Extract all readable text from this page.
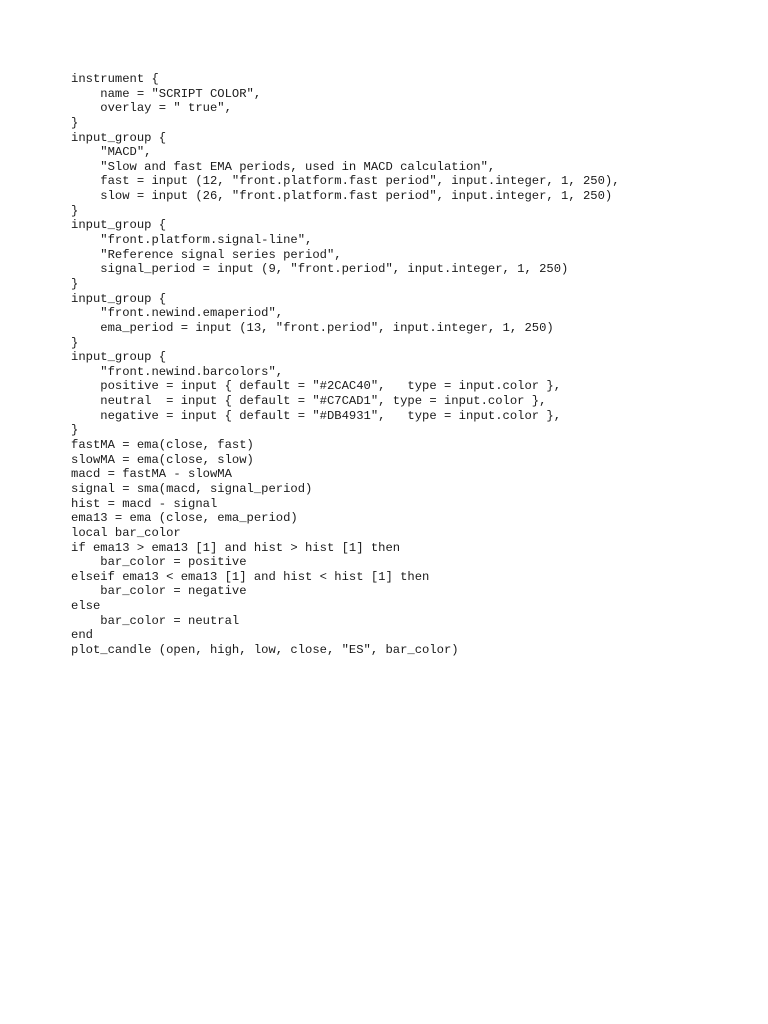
instrument {
name = "SCRIPT COLOR",
overlay = " true",
}
input_group {
"MACD",
"Slow and fast EMA periods, used in MACD calculation",
fast = input (12, "front.platform.fast period", input.integer, 1, 250),
slow = input (26, "front.platform.fast period", input.integer, 1, 250)
}
input_group {
"front.platform.signal-line",
"Reference signal series period",
signal_period = input (9, "front.period", input.integer, 1, 250)
}
input_group {
"front.newind.emaperiod",
ema_period = input (13, "front.period", input.integer, 1, 250)
}
input_group {
"front.newind.barcolors",
positive = input { default = "#2CAC40",   type = input.color },
neutral  = input { default = "#C7CAD1", type = input.color },
negative = input { default = "#DB4931",   type = input.color },
}
fastMA = ema(close, fast)
slowMA = ema(close, slow)
macd = fastMA - slowMA
signal = sma(macd, signal_period)
hist = macd - signal
ema13 = ema (close, ema_period)
local bar_color
if ema13 > ema13 [1] and hist > hist [1] then
bar_color = positive
elseif ema13 < ema13 [1] and hist < hist [1] then
bar_color = negative
else
bar_color = neutral
end
plot_candle (open, high, low, close, "ES", bar_color)
